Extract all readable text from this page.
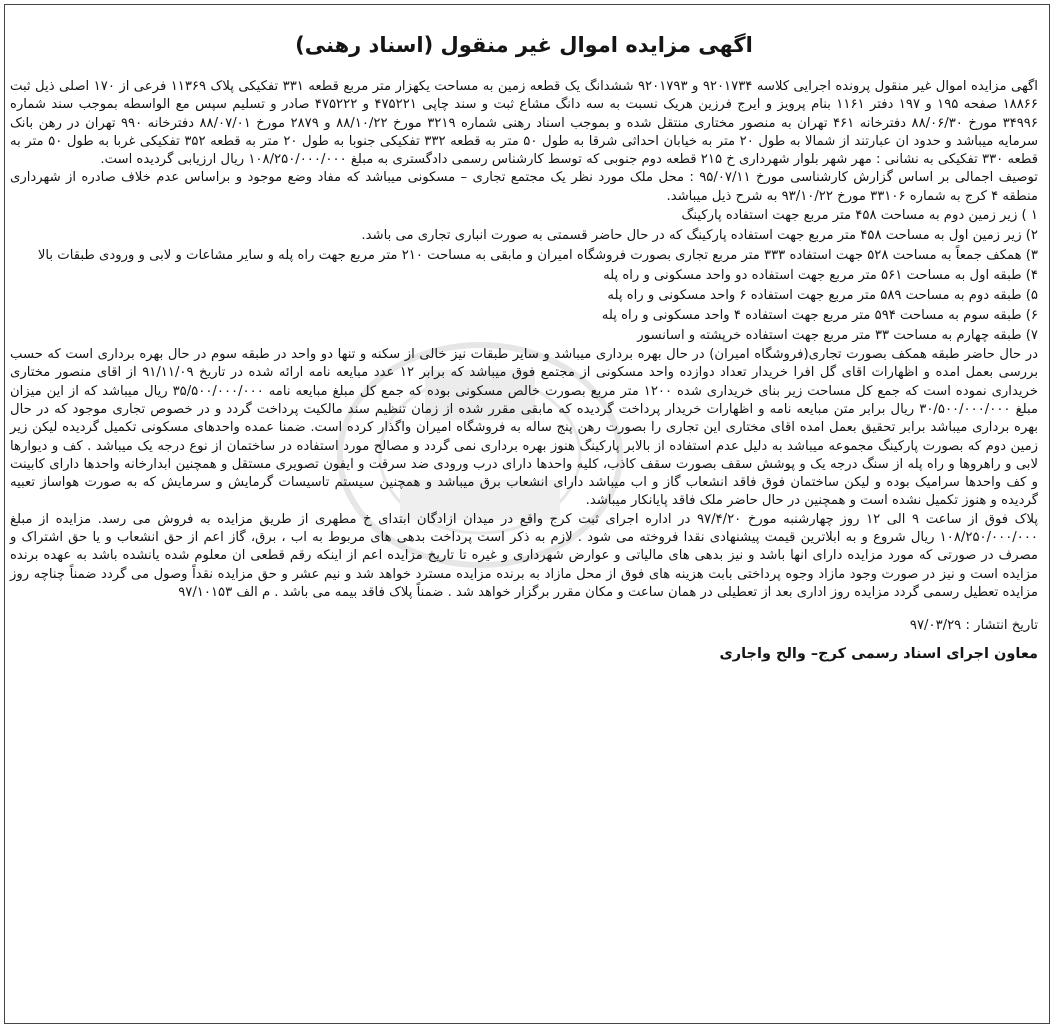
اگهی مزایده اموال غیر منقول (اسناد رهنی)

اگهی مزایده اموال غیر منقول پرونده اجرایی کلاسه ۹۲۰۱۷۳۴ و ۹۲۰۱۷۹۳ ششدانگ یک قطعه زمین به مساحت یکهزار متر مربع قطعه ۳۳۱ تفکیکی پلاک ۱۱۳۶۹ فرعی از ۱۷۰ اصلی ذیل ثبت ۱۸۸۶۶ صفحه ۱۹۵ و ۱۹۷ دفتر ۱۱۶۱ بنام پرویز و ایرج فرزین هریک نسبت به سه دانگ مشاع ثبت و سند چاپی ۴۷۵۲۲۱ و ۴۷۵۲۲۲ صادر و تسلیم سپس مع الواسطه بموجب سند شماره ۳۴۹۹۶ مورخ ۸۸/۰۶/۳۰ دفترخانه ۴۶۱ تهران به منصور مختاری منتقل شده و بموجب اسناد رهنی شماره ۳۲۱۹ مورخ ۸۸/۱۰/۲۲ و ۲۸۷۹ مورخ ۸۸/۰۷/۰۱ دفترخانه ۹۹۰ تهران در رهن بانک سرمایه میباشد و حدود ان عبارتند از شمالا به طول ۲۰ متر به خیابان احداثی شرقا به طول ۵۰ متر به قطعه ۳۳۲ تفکیکی جنوبا به طول ۲۰ متر به قطعه ۳۵۲ تفکیکی غربا به طول ۵۰ متر به قطعه ۳۳۰ تفکیکی به نشانی : مهر شهر بلوار شهرداری خ ۲۱۵ قطعه دوم جنوبی که توسط کارشناس رسمی دادگستری به مبلغ ۱۰۸/۲۵۰/۰۰۰/۰۰۰ ریال ارزیابی گردیده است.

توصیف اجمالی بر اساس گزارش کارشناسی مورخ ۹۵/۰۷/۱۱ : محل ملک مورد نظر یک مجتمع تجاری – مسکونی میباشد که مفاد وضع موجود و براساس عدم خلاف صادره از شهرداری منطقه ۴ کرج به شماره ۳۳۱۰۶ مورخ ۹۳/۱۰/۲۲ به شرح ذیل میباشد.

۱ ) زیر زمین دوم به مساحت ۴۵۸ متر مربع جهت استفاده پارکینگ

۲) زیر زمین اول به مساحت ۴۵۸ متر مربع جهت استفاده پارکینگ که در حال حاضر قسمتی به صورت انباری تجاری می باشد.

۳) همکف جمعاً به مساحت ۵۲۸ جهت استفاده ۳۳۳ متر مربع تجاری بصورت فروشگاه امیران و مابقی به مساحت ۲۱۰ متر مربع جهت راه پله و سایر مشاعات و لابی و ورودی طبقات بالا

۴) طبقه اول به مساحت ۵۶۱ متر مربع جهت استفاده دو واحد مسکونی و راه پله

۵) طبقه دوم به مساحت ۵۸۹ متر مربع جهت استفاده ۶ واحد مسکونی و راه پله

۶) طبقه سوم به مساحت ۵۹۴ متر مربع جهت استفاده ۴ واحد مسکونی و راه پله

۷) طبقه چهارم به مساحت ۳۳ متر مربع جهت استفاده خرپشته و اسانسور

در حال حاضر طبقه همکف بصورت تجاری(فروشگاه امیران) در حال بهره برداری میباشد و سایر طبقات نیز خالی از سکنه و تنها دو واحد در طبقه سوم در حال بهره برداری است که حسب بررسی بعمل امده و اظهارات اقای گل افرا خریدار تعداد دوازده واحد مسکونی از مجتمع فوق میباشد که برابر ۱۲ عدد مبایعه نامه ارائه شده در تاریخ ۹۱/۱۱/۰۹ از اقای منصور مختاری خریداری نموده است که جمع کل مساحت زیر بنای خریداری شده ۱۲۰۰ متر مربع بصورت خالص مسکونی بوده که جمع کل مبلغ مبایعه نامه ۳۵/۵۰۰/۰۰۰/۰۰۰ ریال میباشد که از این میزان مبلغ ۳۰/۵۰۰/۰۰۰/۰۰۰ ریال برابر متن مبایعه نامه و اظهارات خریدار پرداخت گردیده که مابقی مقرر شده از زمان تنظیم سند مالکیت پرداخت گردد و در خصوص تجاری موجود که در حال بهره برداری میباشد برابر تحقیق بعمل امده اقای مختاری این تجاری را بصورت رهن پنج ساله به فروشگاه امیران واگذار کرده است. ضمنا عمده واحدهای مسکونی تکمیل گردیده لیکن زیر زمین دوم که بصورت پارکینگ مجموعه میباشد به دلیل عدم استفاده از بالابر پارکینگ هنوز بهره برداری نمی گردد و مصالح مورد استفاده در ساختمان از نوع درجه یک میباشد . کف و دیوارها لابی و راهروها و راه پله از سنگ درجه یک و پوشش سقف بصورت سقف کاذب، کلیه واحدها دارای درب ورودی ضد سرقت و ایفون تصویری مستقل و همچنین ابدارخانه واحدها دارای کابینت و کف واحدها سرامیک بوده و لیکن ساختمان فوق فاقد انشعاب گاز و اب میباشد دارای انشعاب برق میباشد و همچنین سیستم تاسیسات گرمایش و سرمایش که به صورت هواساز تعبیه گردیده و هنوز تکمیل نشده است و همچنین در حال حاضر ملک فاقد پایانکار میباشد.

پلاک فوق از ساعت ۹ الی ۱۲ روز چهارشنبه مورخ ۹۷/۴/۲۰ در اداره اجرای ثبت کرج واقع در میدان ازادگان ابتدای خ مطهری از طریق مزایده به فروش می رسد. مزایده از مبلغ ۱۰۸/۲۵۰/۰۰۰/۰۰۰ ریال شروع و به ابلاترین قیمت پیشنهادی نقدا فروخته می شود . لازم به ذکر است پرداخت بدهی های مربوط به اب ، برق، گاز اعم از حق انشعاب و یا حق اشتراک و مصرف در صورتی که مورد مزایده دارای انها باشد و نیز بدهی های مالیاتی و عوارض شهرداری و غیره تا تاریخ مزایده اعم از اینکه رقم قطعی ان معلوم شده یانشده باشد به عهده برنده مزایده است و نیز در صورت وجود مازاد وجوه پرداختی بابت هزینه های فوق از محل مازاد به برنده مزایده مسترد خواهد شد و نیم عشر و حق مزایده نقداً وصول می گردد ضمناً چناچه روز مزایده تعطیل رسمی گردد مزایده روز اداری بعد از تعطیلی در همان ساعت و مکان مقرر برگزار خواهد شد . ضمناً پلاک فاقد بیمه می باشد . م الف ۹۷/۱۰۱۵۳

تاریخ انتشار : ۹۷/۰۳/۲۹

معاون اجرای اسناد رسمی کرج– والح واجاری
